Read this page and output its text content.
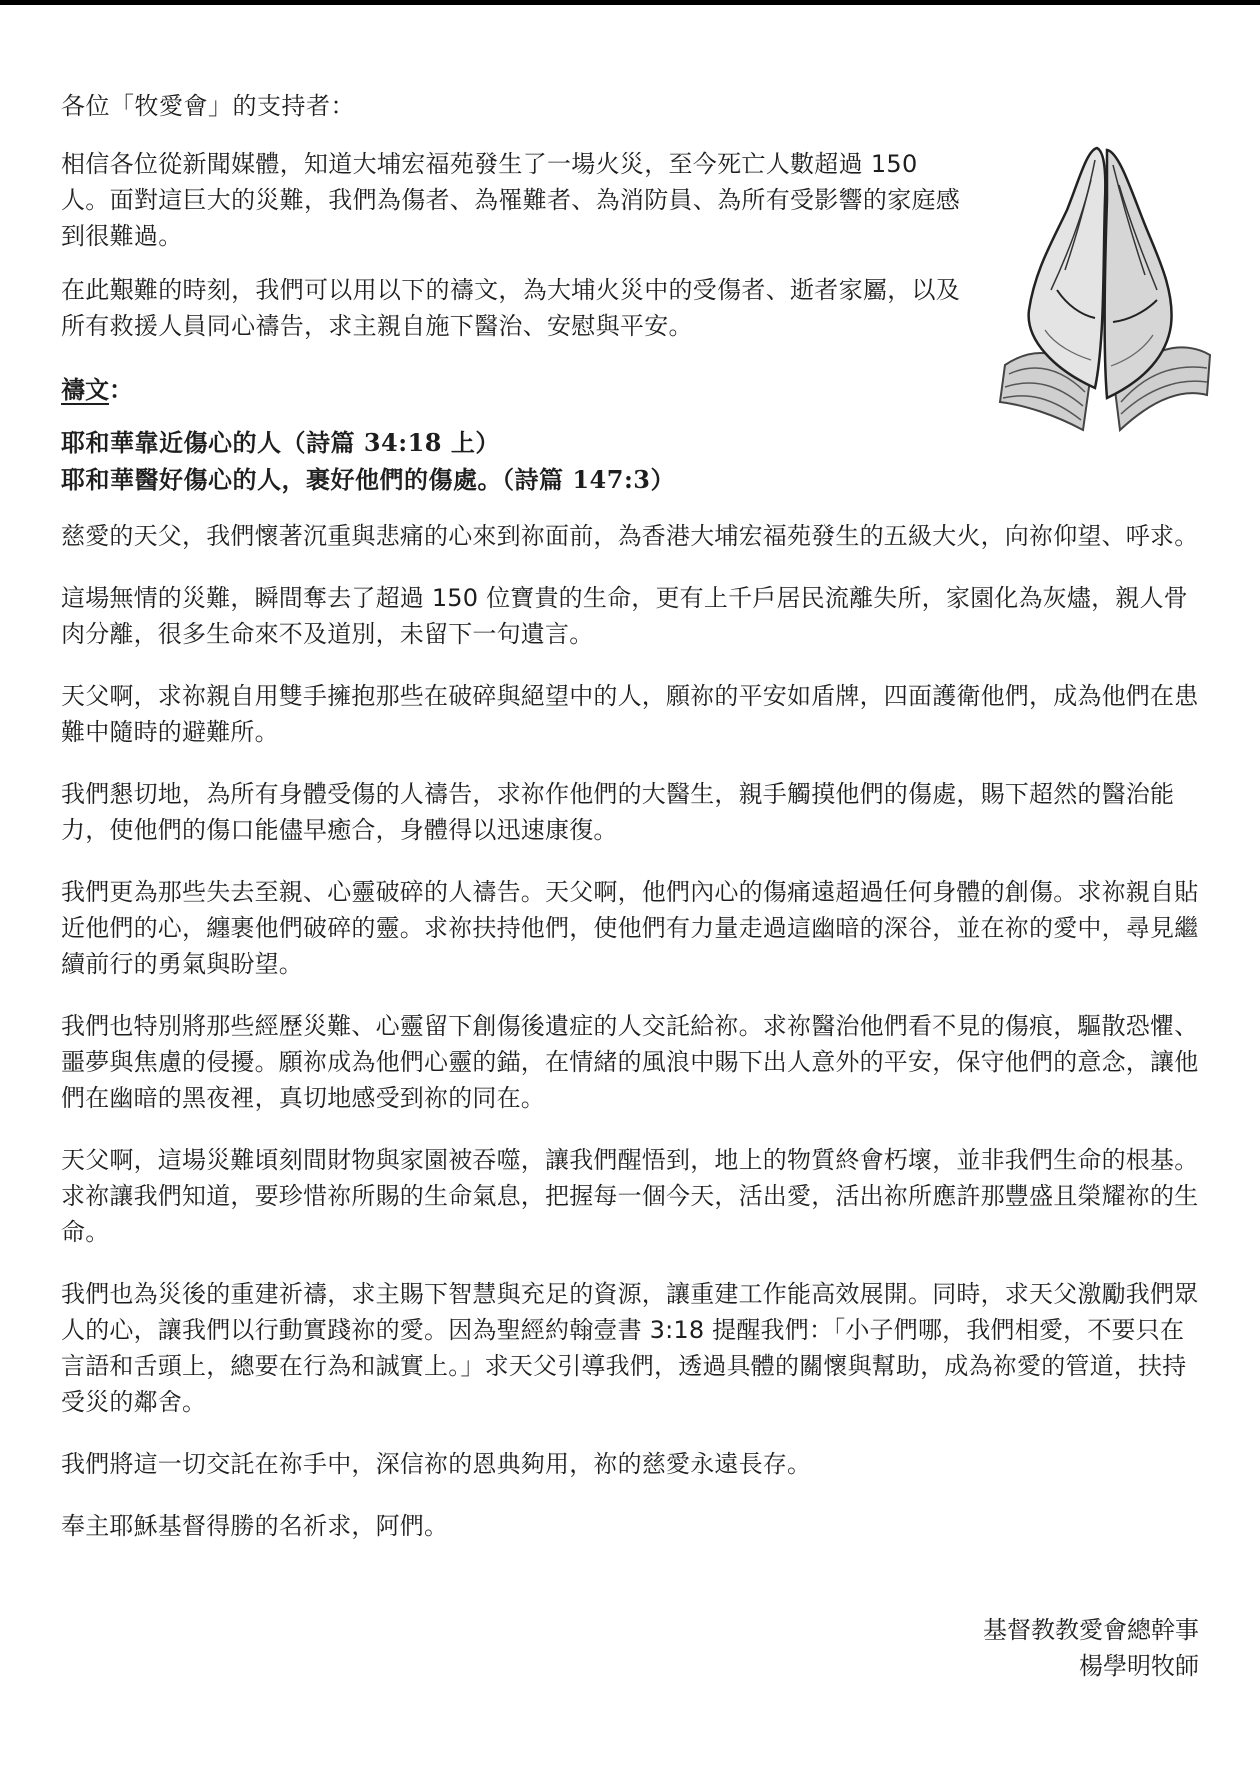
各位「牧愛會」的支持者：

相信各位從新聞媒體，知道大埔宏福苑發生了一場火災，至今死亡人數超過 150 人。面對這巨大的災難，我們為傷者、為罹難者、為消防員、為所有受影響的家庭感到很難過。

在此艱難的時刻，我們可以用以下的禱文，為大埔火災中的受傷者、逝者家屬，以及所有救援人員同心禱告，求主親自施下醫治、安慰與平安。

禱文：

耶和華靠近傷心的人（詩篇 34:18 上）

耶和華醫好傷心的人，裹好他們的傷處。（詩篇 147:3）

慈愛的天父，我們懷著沉重與悲痛的心來到祢面前，為香港大埔宏福苑發生的五級大火，向祢仰望、呼求。

這場無情的災難，瞬間奪去了超過 150 位寶貴的生命，更有上千戶居民流離失所，家園化為灰燼，親人骨肉分離，很多生命來不及道別，未留下一句遺言。

天父啊，求祢親自用雙手擁抱那些在破碎與絕望中的人，願祢的平安如盾牌，四面護衛他們，成為他們在患難中隨時的避難所。

我們懇切地，為所有身體受傷的人禱告，求祢作他們的大醫生，親手觸摸他們的傷處，賜下超然的醫治能力，使他們的傷口能儘早癒合，身體得以迅速康復。

我們更為那些失去至親、心靈破碎的人禱告。天父啊，他們內心的傷痛遠超過任何身體的創傷。求祢親自貼近他們的心，纏裹他們破碎的靈。求祢扶持他們，使他們有力量走過這幽暗的深谷，並在祢的愛中，尋見繼續前行的勇氣與盼望。

我們也特別將那些經歷災難、心靈留下創傷後遺症的人交託給祢。求祢醫治他們看不見的傷痕，驅散恐懼、噩夢與焦慮的侵擾。願祢成為他們心靈的錨，在情緒的風浪中賜下出人意外的平安，保守他們的意念，讓他們在幽暗的黑夜裡，真切地感受到祢的同在。

天父啊，這場災難頃刻間財物與家園被吞噬，讓我們醒悟到，地上的物質終會朽壞，並非我們生命的根基。求祢讓我們知道，要珍惜祢所賜的生命氣息，把握每一個今天，活出愛，活出祢所應許那豐盛且榮耀祢的生命。

我們也為災後的重建祈禱，求主賜下智慧與充足的資源，讓重建工作能高效展開。同時，求天父激勵我們眾人的心，讓我們以行動實踐祢的愛。因為聖經約翰壹書 3:18 提醒我們：「小子們哪，我們相愛，不要只在言語和舌頭上，總要在行為和誠實上。」求天父引導我們，透過具體的關懷與幫助，成為祢愛的管道，扶持受災的鄰舍。

我們將這一切交託在祢手中，深信祢的恩典夠用，祢的慈愛永遠長存。

奉主耶穌基督得勝的名祈求，阿們。

基督教教愛會總幹事
楊學明牧師
